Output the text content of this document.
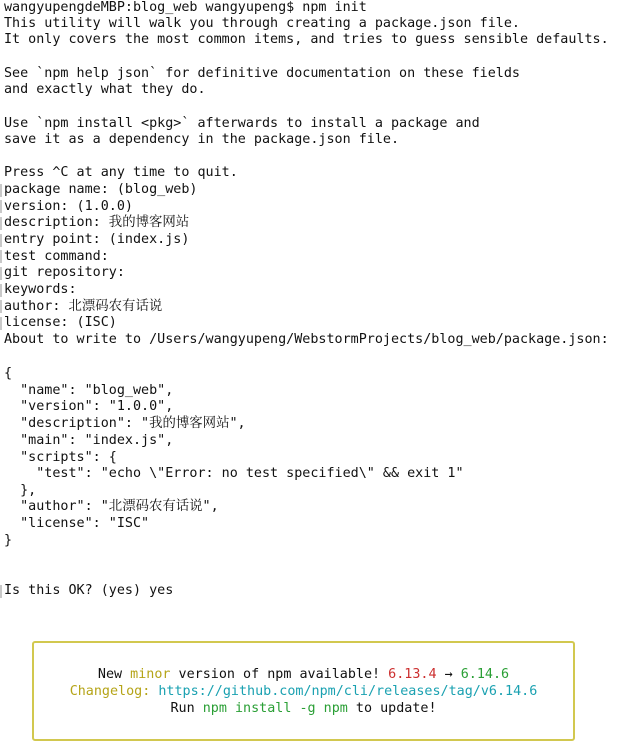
wangyupengdeMBP:blog_web wangyupeng$ npm init
This utility will walk you through creating a package.json file.
It only covers the most common items, and tries to guess sensible defaults.
See `npm help json` for definitive documentation on these fields
and exactly what they do.
Use `npm install <pkg>` afterwards to install a package and
save it as a dependency in the package.json file.
Press ^C at any time to quit.
package name: (blog_web)
version: (1.0.0)
description: 我的博客网站
entry point: (index.js)
test command:
git repository:
keywords:
author: 北漂码农有话说
license: (ISC)
About to write to /Users/wangyupeng/WebstormProjects/blog_web/package.json:
{
"name": "blog_web",
"version": "1.0.0",
"description": "我的博客网站",
"main": "index.js",
"scripts": {
"test": "echo \"Error: no test specified\" && exit 1"
},
"author": "北漂码农有话说",
"license": "ISC"
}
Is this OK? (yes) yes
New minor version of npm available! 6.13.4 → 6.14.6
Changelog: https://github.com/npm/cli/releases/tag/v6.14.6
Run npm install -g npm to update!
